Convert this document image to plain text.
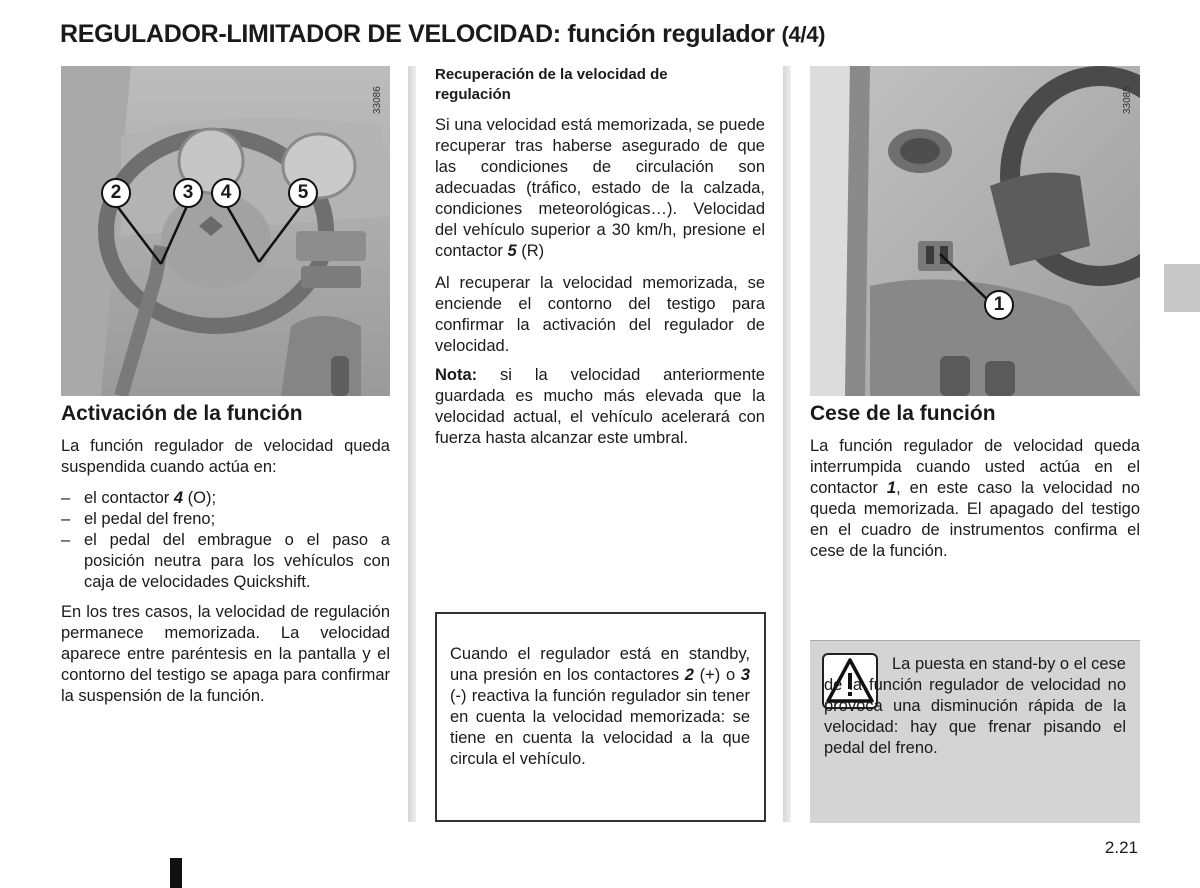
REGULADOR-LIMITADOR DE VELOCIDAD: función regulador (4/4)
2	3	4	5
33086
Activación de la función

La función regulador de velocidad queda suspendida cuando actúa en:

– el contactor 4 (O);
– el pedal del freno;
– el pedal del embrague o el paso a posición neutra para los vehículos con caja de velocidades Quickshift.

En los tres casos, la velocidad de regulación permanece memorizada. La velocidad aparece entre paréntesis en la pantalla y el contorno del testigo se apaga para confirmar la suspensión de la función.

Recuperación de la velocidad de regulación

Si una velocidad está memorizada, se puede recuperar tras haberse asegurado de que las condiciones de circulación son adecuadas (tráfico, estado de la calzada, condiciones meteorológicas…). Velocidad del vehículo superior a 30 km/h, presione el contactor 5 (R)

Al recuperar la velocidad memorizada, se enciende el contorno del testigo para confirmar la activación del regulador de velocidad.

Nota: si la velocidad anteriormente guardada es mucho más elevada que la velocidad actual, el vehículo acelerará con fuerza hasta alcanzar este umbral.

Cuando el regulador está en standby, una presión en los contactores 2 (+) o 3 (-) reactiva la función regulador sin tener en cuenta la velocidad memorizada: se tiene en cuenta la velocidad a la que circula el vehículo.

1
33085
Cese de la función

La función regulador de velocidad queda interrumpida cuando usted actúa en el contactor 1, en este caso la velocidad no queda memorizada. El apagado del testigo en el cuadro de instrumentos confirma el cese de la función.

La puesta en stand-by o el cese de la función regulador de velocidad no provoca una disminución rápida de la velocidad: hay que frenar pisando el pedal del freno.

2.21
